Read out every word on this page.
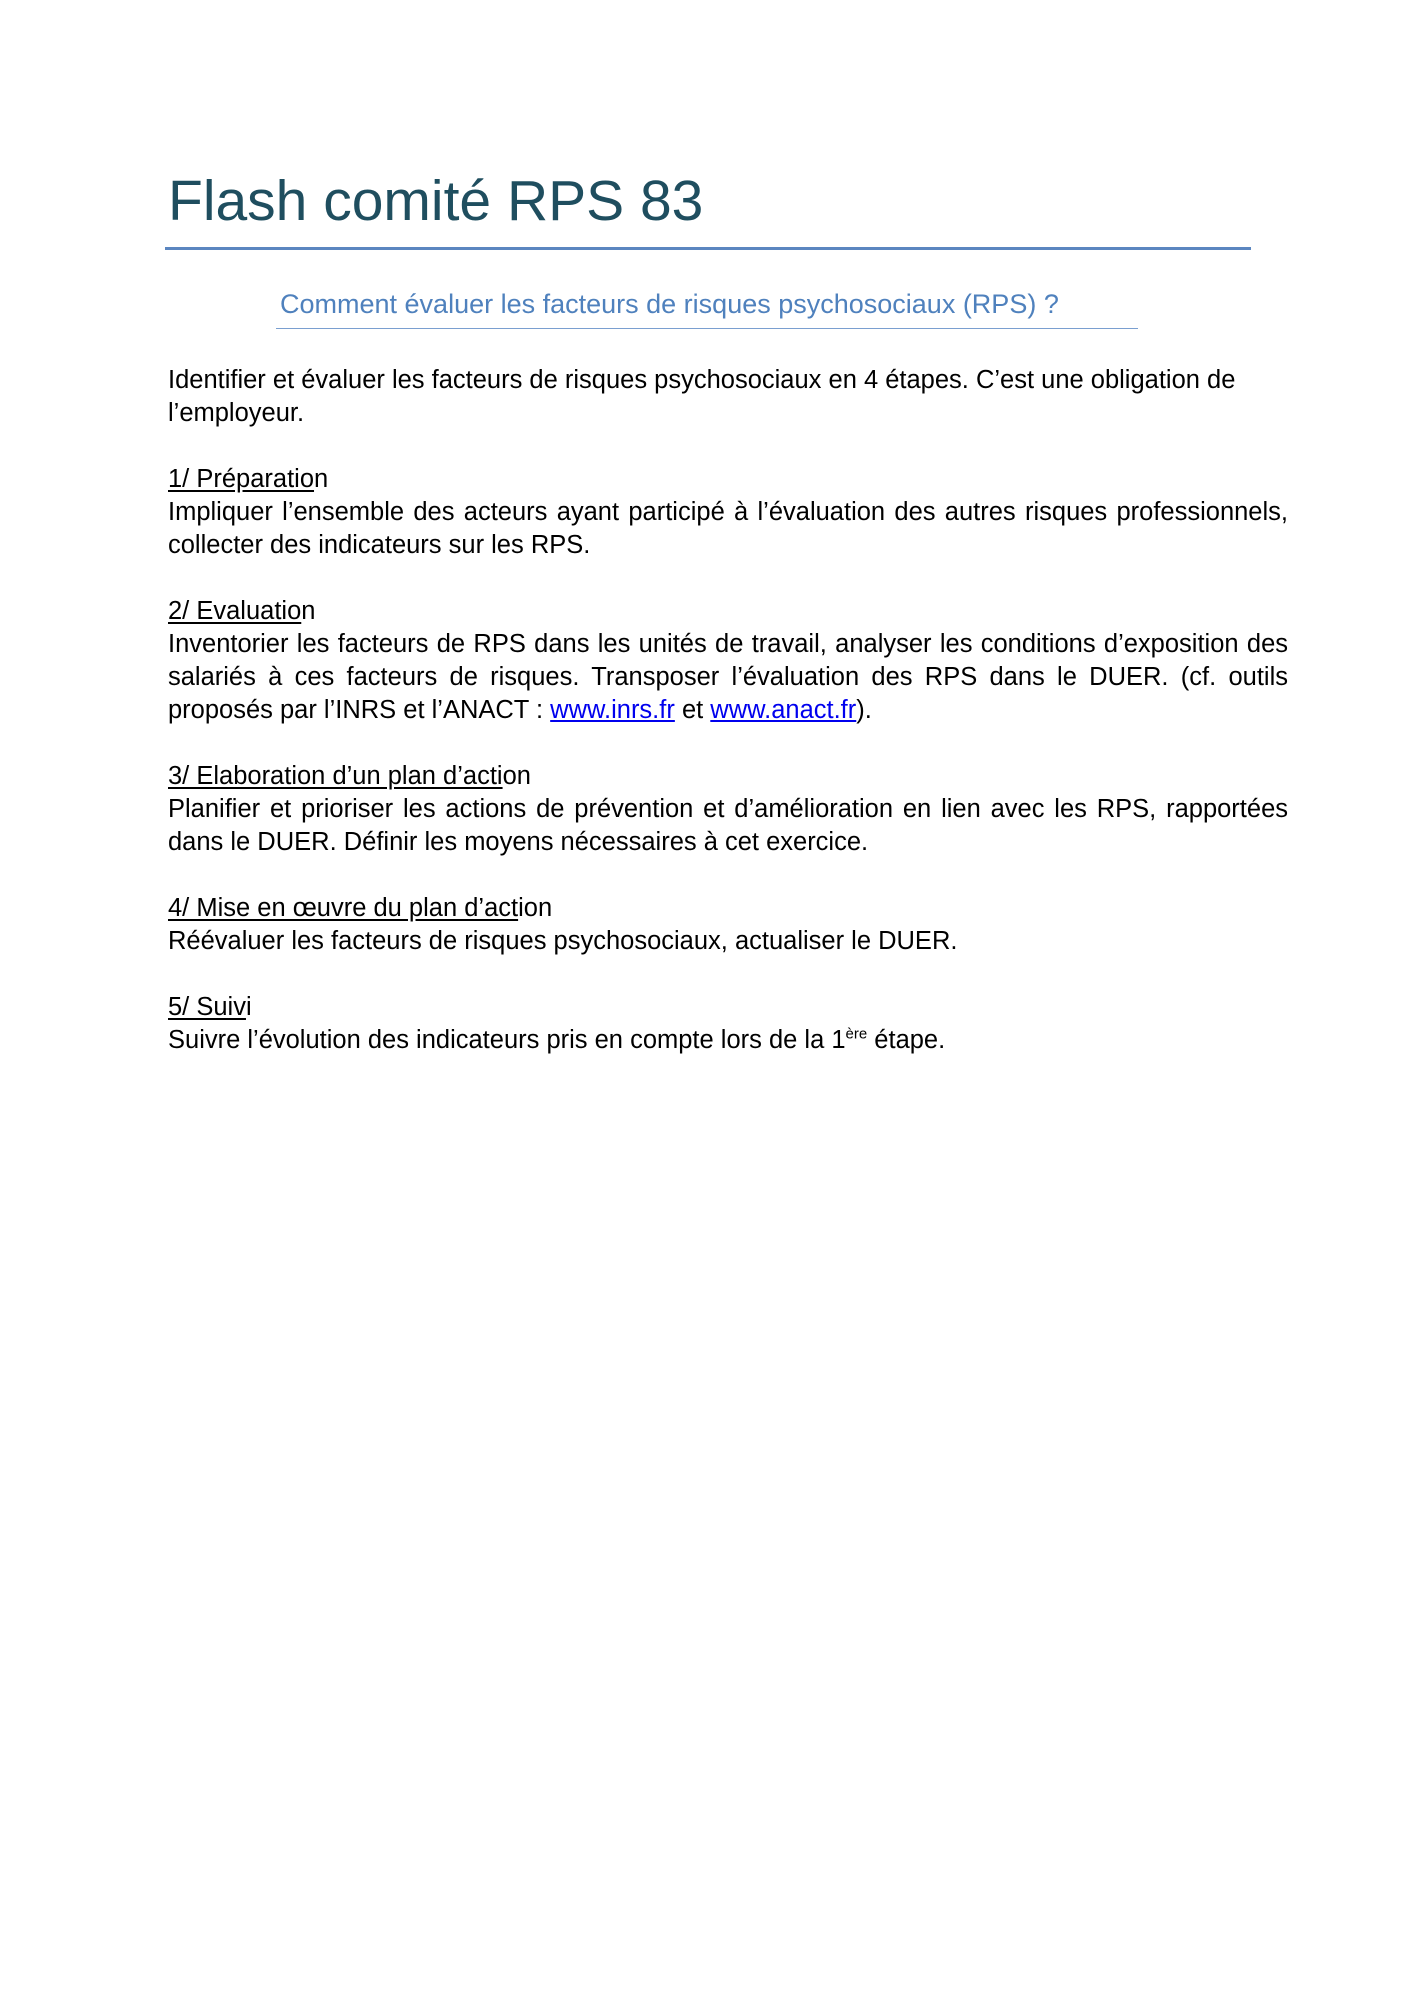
Flash comité RPS 83
Comment évaluer les facteurs de risques psychosociaux (RPS) ?

Identifier et évaluer les facteurs de risques psychosociaux en 4 étapes. C’est une obligation de
l’employeur.

1/ Préparation

Impliquer l’ensemble des acteurs ayant participé à l’évaluation des autres risques professionnels, collecter des indicateurs sur les RPS.

2/ Evaluation

Inventorier les facteurs de RPS dans les unités de travail, analyser les conditions d’exposition des salariés à ces facteurs de risques. Transposer l’évaluation des RPS dans le DUER. (cf. outils proposés par l’INRS et l’ANACT : www.inrs.fr et www.anact.fr).

3/ Elaboration d’un plan d’action

Planifier et prioriser les actions de prévention et d’amélioration en lien avec les RPS, rapportées dans le DUER. Définir les moyens nécessaires à cet exercice.

4/ Mise en œuvre du plan d’action

Réévaluer les facteurs de risques psychosociaux, actualiser le DUER.

5/ Suivi

Suivre l’évolution des indicateurs pris en compte lors de la 1ère étape.
